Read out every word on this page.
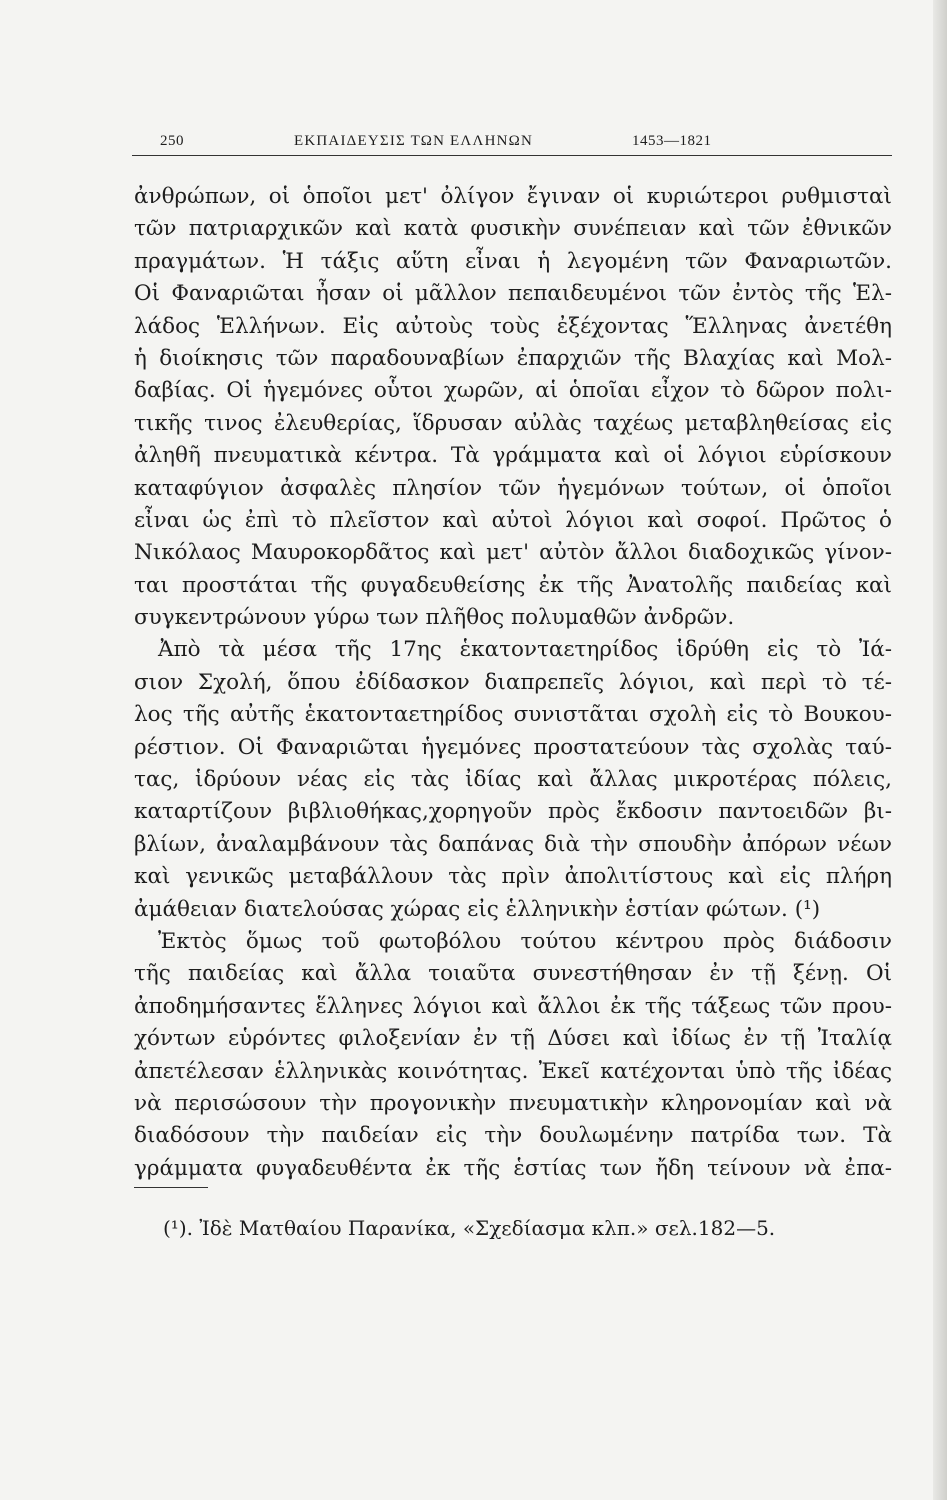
250	ΕΚΠΑΙΔΕΥΣΙΣ ΤΩΝ ΕΛΛΗΝΩΝ	1453—1821
ἀνθρώπων, οἱ ὁποῖοι μετ' ὀλίγον ἔγιναν οἱ κυριώτεροι ρυθμισταὶ
τῶν πατριαρχικῶν καὶ κατὰ φυσικὴν συνέπειαν καὶ τῶν ἐθνικῶν
πραγμάτων. Ἡ τάξις αὕτη εἶναι ἡ λεγομένη τῶν Φαναριωτῶν.
Οἱ Φαναριῶται ἦσαν οἱ μᾶλλον πεπαιδευμένοι τῶν ἐντὸς τῆς Ἑλ-
λάδος Ἑλλήνων. Εἰς αὐτοὺς τοὺς ἐξέχοντας Ἕλληνας ἀνετέθη
ἡ διοίκησις τῶν παραδουναβίων ἐπαρχιῶν τῆς Βλαχίας καὶ Μολ-
δαβίας. Οἱ ἡγεμόνες οὗτοι χωρῶν, αἱ ὁποῖαι εἶχον τὸ δῶρον πολι-
τικῆς τινος ἐλευθερίας, ἵδρυσαν αὐλὰς ταχέως μεταβληθείσας εἰς
ἀληθῆ πνευματικὰ κέντρα. Τὰ γράμματα καὶ οἱ λόγιοι εὑρίσκουν
καταφύγιον ἀσφαλὲς πλησίον τῶν ἡγεμόνων τούτων, οἱ ὁποῖοι
εἶναι ὡς ἐπὶ τὸ πλεῖστον καὶ αὐτοὶ λόγιοι καὶ σοφοί. Πρῶτος ὁ
Νικόλαος Μαυροκορδᾶτος καὶ μετ' αὐτὸν ἄλλοι διαδοχικῶς γίνον-
ται προστάται τῆς φυγαδευθείσης ἐκ τῆς Ἀνατολῆς παιδείας καὶ
συγκεντρώνουν γύρω των πλῆθος πολυμαθῶν ἀνδρῶν.
Ἀπὸ τὰ μέσα τῆς 17ης ἑκατονταετηρίδος ἱδρύθη εἰς τὸ Ἰά-
σιον Σχολή, ὅπου ἐδίδασκον διαπρεπεῖς λόγιοι, καὶ περὶ τὸ τέ-
λος τῆς αὐτῆς ἑκατονταετηρίδος συνιστᾶται σχολὴ εἰς τὸ Βουκου-
ρέστιον. Οἱ Φαναριῶται ἡγεμόνες προστατεύουν τὰς σχολὰς ταύ-
τας, ἱδρύουν νέας εἰς τὰς ἰδίας καὶ ἄλλας μικροτέρας πόλεις,
καταρτίζουν βιβλιοθήκας,χορηγοῦν πρὸς ἔκδοσιν παντοειδῶν βι-
βλίων, ἀναλαμβάνουν τὰς δαπάνας διὰ τὴν σπουδὴν ἀπόρων νέων
καὶ γενικῶς μεταβάλλουν τὰς πρὶν ἀπολιτίστους καὶ εἰς πλήρη
ἀμάθειαν διατελούσας χώρας εἰς ἑλληνικὴν ἑστίαν φώτων. (¹)
Ἐκτὸς ὅμως τοῦ φωτοβόλου τούτου κέντρου πρὸς διάδοσιν
τῆς παιδείας καὶ ἄλλα τοιαῦτα συνεστήθησαν ἐν τῇ ξένῃ. Οἱ
ἀποδημήσαντες ἕλληνες λόγιοι καὶ ἄλλοι ἐκ τῆς τάξεως τῶν πρου-
χόντων εὑρόντες φιλοξενίαν ἐν τῇ Δύσει καὶ ἰδίως ἐν τῇ Ἰταλίᾳ
ἀπετέλεσαν ἑλληνικὰς κοινότητας. Ἐκεῖ κατέχονται ὑπὸ τῆς ἰδέας
νὰ περισώσουν τὴν προγονικὴν πνευματικὴν κληρονομίαν καὶ νὰ
διαδόσουν τὴν παιδείαν εἰς τὴν δουλωμένην πατρίδα των. Τὰ
γράμματα φυγαδευθέντα ἐκ τῆς ἑστίας των ἤδη τείνουν νὰ ἐπα-
(¹). Ἰδὲ Ματθαίου Παρανίκα, «Σχεδίασμα κλπ.» σελ.182—5.
